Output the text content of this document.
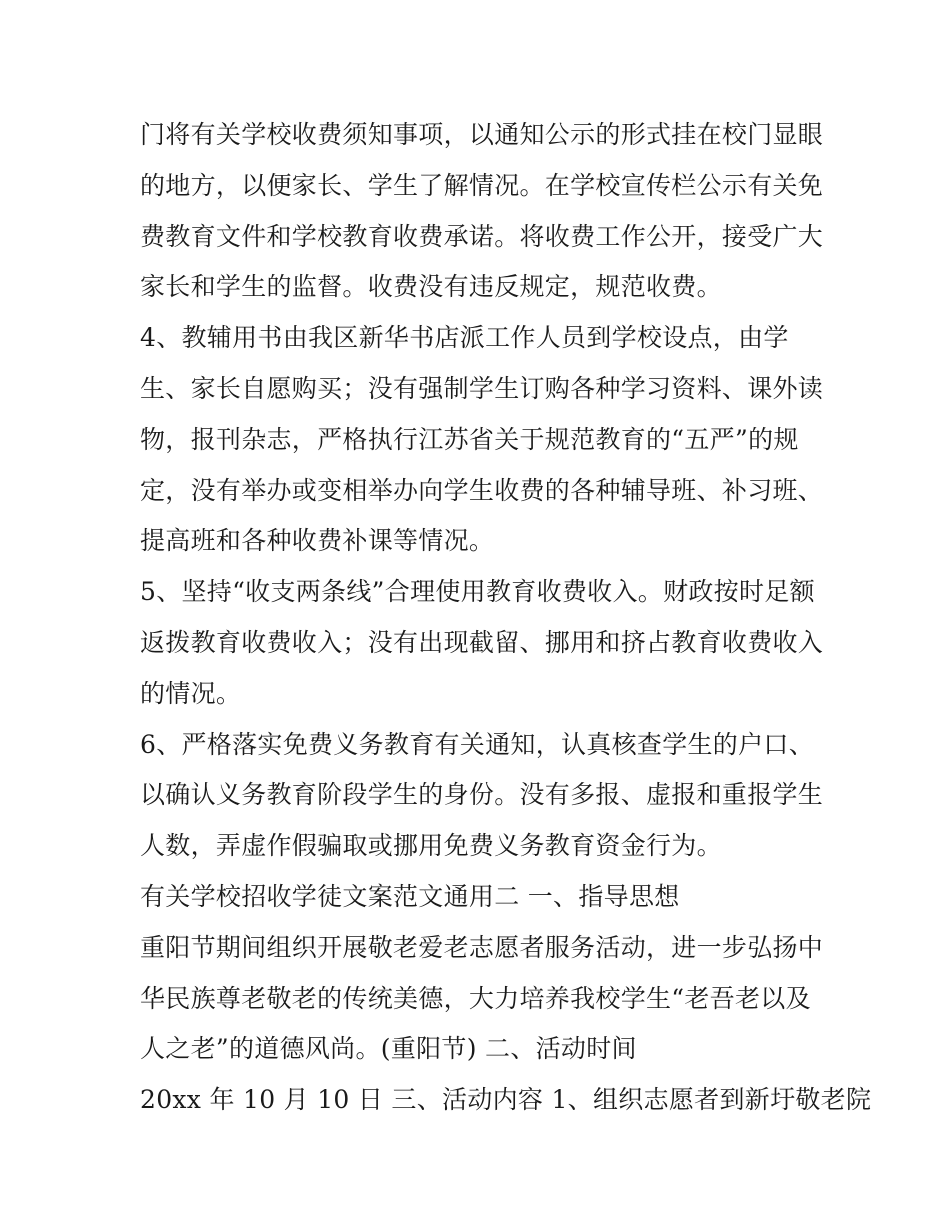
门将有关学校收费须知事项，以通知公示的形式挂在校门显眼
的地方，以便家长、学生了解情况。在学校宣传栏公示有关免
费教育文件和学校教育收费承诺。将收费工作公开，接受广大
家长和学生的监督。收费没有违反规定，规范收费。
4、教辅用书由我区新华书店派工作人员到学校设点，由学
生、家长自愿购买；没有强制学生订购各种学习资料、课外读
物，报刊杂志，严格执行江苏省关于规范教育的“五严”的规
定，没有举办或变相举办向学生收费的各种辅导班、补习班、
提高班和各种收费补课等情况。
5、坚持“收支两条线”合理使用教育收费收入。财政按时足额
返拨教育收费收入；没有出现截留、挪用和挤占教育收费收入
的情况。
6、严格落实免费义务教育有关通知，认真核查学生的户口、
以确认义务教育阶段学生的身份。没有多报、虚报和重报学生
人数，弄虚作假骗取或挪用免费义务教育资金行为。
有关学校招收学徒文案范文通用二 一、指导思想
重阳节期间组织开展敬老爱老志愿者服务活动，进一步弘扬中
华民族尊老敬老的传统美德，大力培养我校学生“老吾老以及
人之老”的道德风尚。(重阳节) 二、活动时间
20xx 年 10 月 10 日 三、活动内容 1、组织志愿者到新圩敬老院
